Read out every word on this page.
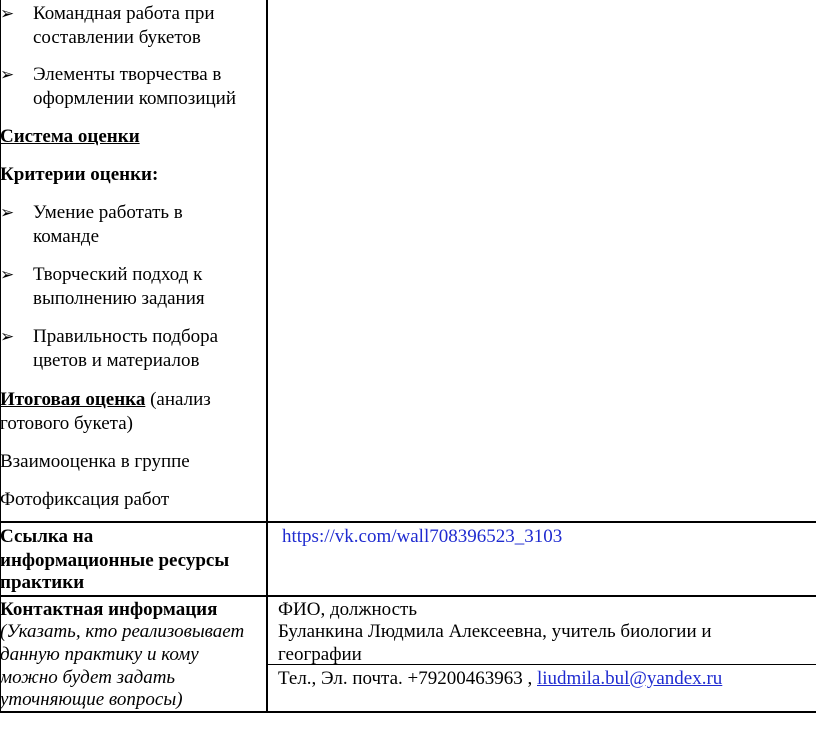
➢ Командная работа при
составлении букетов
➢ Элементы творчества в
оформлении композиций
Система оценки
Критерии оценки:
➢ Умение работать в
команде
➢ Творческий подход к
выполнению задания
➢ Правильность подбора
цветов и материалов
Итоговая оценка (анализ
готового букета)
Взаимооценка в группе
Фотофиксация работ
Ссылка на
информационные ресурсы
практики
https://vk.com/wall708396523_3103
Контактная информация
(Указать, кто реализовывает
данную практику и кому
можно будет задать
уточняющие вопросы)
ФИО, должность
Буланкина Людмила Алексеевна, учитель биологии и
географии
Тел., Эл. почта. +79200463963 , liudmila.bul@yandex.ru
